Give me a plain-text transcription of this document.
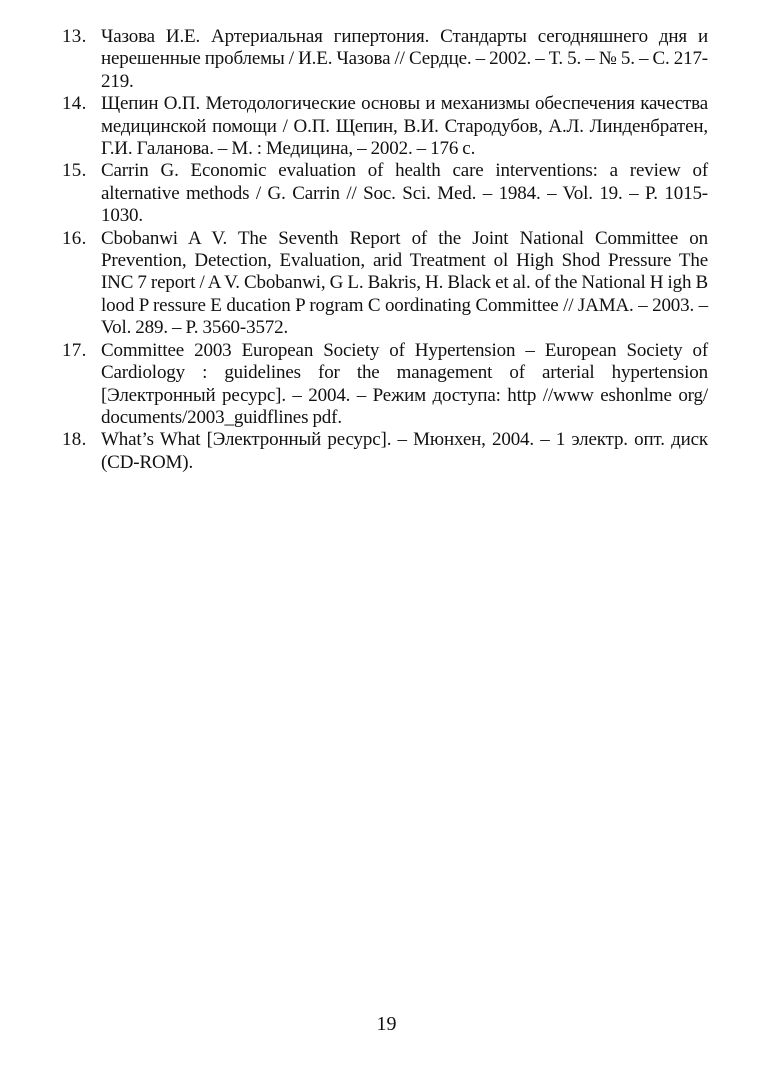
13. Чазова И.Е. Артериальная гипертония. Стандарты сегодняшнего дня и нерешенные проблемы / И.Е. Чазова // Сердце. – 2002. – Т. 5. – № 5. – С. 217-219.
14. Щепин О.П. Методологические основы и механизмы обеспечения качества медицинской помощи / О.П. Щепин, В.И. Стародубов, А.Л. Линденбратен, Г.И. Галанова. – М. : Медицина, – 2002. – 176 с.
15. Carrin G. Economic evaluation of health care interventions: a review of alternative methods / G. Carrin // Soc. Sci. Med. – 1984. – Vol. 19. – P. 1015-1030.
16. Cbobanwi A V. The Seventh Report of the Joint National Committee on Prevention, Detection, Evaluation, arid Treatment ol High Shod Pressure The INC 7 report / A V. Cbobanwi, G L. Bakris, H. Black et al. of the National H igh B lood P ressure E ducation P rogram C oordinating Committee // JAMA. – 2003. – Vol. 289. – P. 3560-3572.
17. Committee 2003 European Society of Hypertension – European Society of Cardiology : guidelines for the management of arterial hypertension [Электронный ресурс]. – 2004. – Режим доступа: http //www eshonlme org/ documents/2003_guidflines pdf.
18. What’s What [Электронный ресурс]. – Мюнхен, 2004. – 1 электр. опт. диск (CD-ROM).
19
